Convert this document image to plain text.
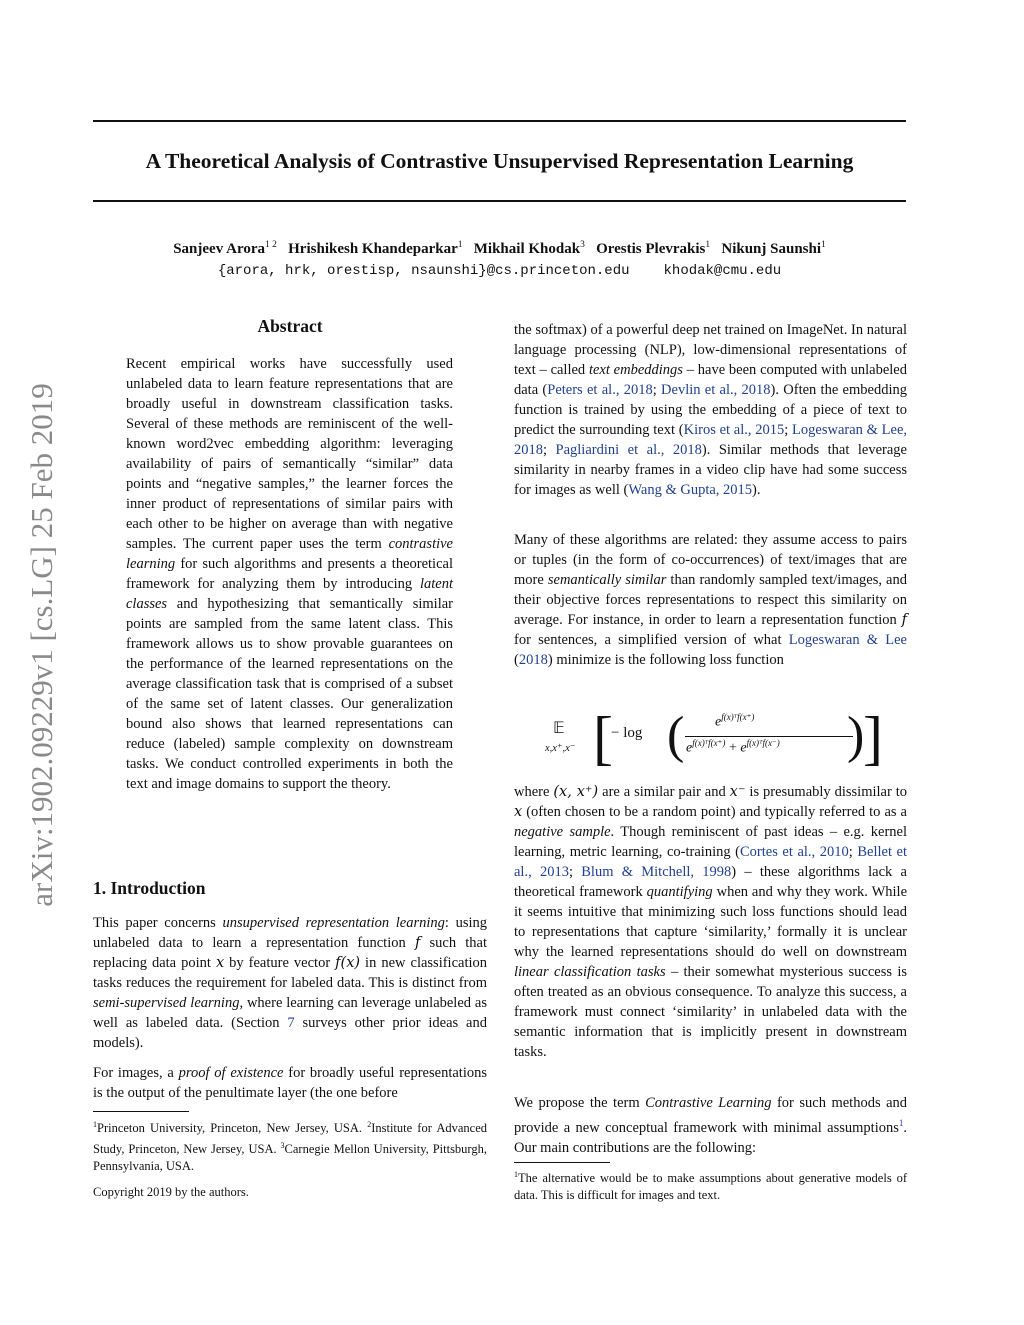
arXiv:1902.09229v1 [cs.LG] 25 Feb 2019
A Theoretical Analysis of Contrastive Unsupervised Representation Learning
Sanjeev Arora$^{1 2}$ Hrishikesh Khandeparkar$^1$ Mikhail Khodak$^3$ Orestis Plevrakis$^1$ Nikunj Saunshi$^1$
{arora, hrk, orestisp, nsaunshi}@cs.princeton.edu khodak@cmu.edu
Abstract

Recent empirical works have successfully used unlabeled data to learn feature representations that are broadly useful in downstream classification tasks. Several of these methods are reminiscent of the well-known word2vec embedding algorithm: leveraging availability of pairs of semantically “similar” data points and “negative samples,” the learner forces the inner product of representations of similar pairs with each other to be higher on average than with negative samples. The current paper uses the term contrastive learning for such algorithms and presents a theoretical framework for analyzing them by introducing latent classes and hypothesizing that semantically similar points are sampled from the same latent class. This framework allows us to show provable guarantees on the performance of the learned representations on the average classification task that is comprised of a subset of the same set of latent classes. Our generalization bound also shows that learned representations can reduce (labeled) sample complexity on downstream tasks. We conduct controlled experiments in both the text and image domains to support the theory.

1. Introduction

This paper concerns unsupervised representation learning: using unlabeled data to learn a representation function f such that replacing data point x by feature vector f(x) in new classification tasks reduces the requirement for labeled data. This is distinct from semi-supervised learning, where learning can leverage unlabeled as well as labeled data. (Section 7 surveys other prior ideas and models).

For images, a proof of existence for broadly useful representations is the output of the penultimate layer (the one before

$^1$Princeton University, Princeton, New Jersey, USA. $^2$Institute for Advanced Study, Princeton, New Jersey, USA. $^3$Carnegie Mellon University, Pittsburgh, Pennsylvania, USA.

Copyright 2019 by the authors.

the softmax) of a powerful deep net trained on ImageNet. In natural language processing (NLP), low-dimensional representations of text – called text embeddings – have been computed with unlabeled data (Peters et al., 2018; Devlin et al., 2018). Often the embedding function is trained by using the embedding of a piece of text to predict the surrounding text (Kiros et al., 2015; Logeswaran & Lee, 2018; Pagliardini et al., 2018). Similar methods that leverage similarity in nearby frames in a video clip have had some success for images as well (Wang & Gupta, 2015).

Many of these algorithms are related: they assume access to pairs or tuples (in the form of co-occurrences) of text/images that are more semantically similar than randomly sampled text/images, and their objective forces representations to respect this similarity on average. For instance, in order to learn a representation function f for sentences, a simplified version of what Logeswaran & Lee (2018) minimize is the following loss function

𝔼
x,x⁺,x⁻ [
− log ( $e^{f(x)ᵀf(x^+)}$
$e^{f(x)ᵀf(x^+)} + e^{f(x)ᵀf(x^-)}$ )
]

where (x, x⁺) are a similar pair and x⁻ is presumably dissimilar to x (often chosen to be a random point) and typically referred to as a negative sample. Though reminiscent of past ideas – e.g. kernel learning, metric learning, co-training (Cortes et al., 2010; Bellet et al., 2013; Blum & Mitchell, 1998) – these algorithms lack a theoretical framework quantifying when and why they work. While it seems intuitive that minimizing such loss functions should lead to representations that capture ‘similarity,’ formally it is unclear why the learned representations should do well on downstream linear classification tasks – their somewhat mysterious success is often treated as an obvious consequence. To analyze this success, a framework must connect ‘similarity’ in unlabeled data with the semantic information that is implicitly present in downstream tasks.

We propose the term Contrastive Learning for such methods and provide a new conceptual framework with minimal assumptions$^1$. Our main contributions are the following:

$^1$The alternative would be to make assumptions about generative models of data. This is difficult for images and text.
